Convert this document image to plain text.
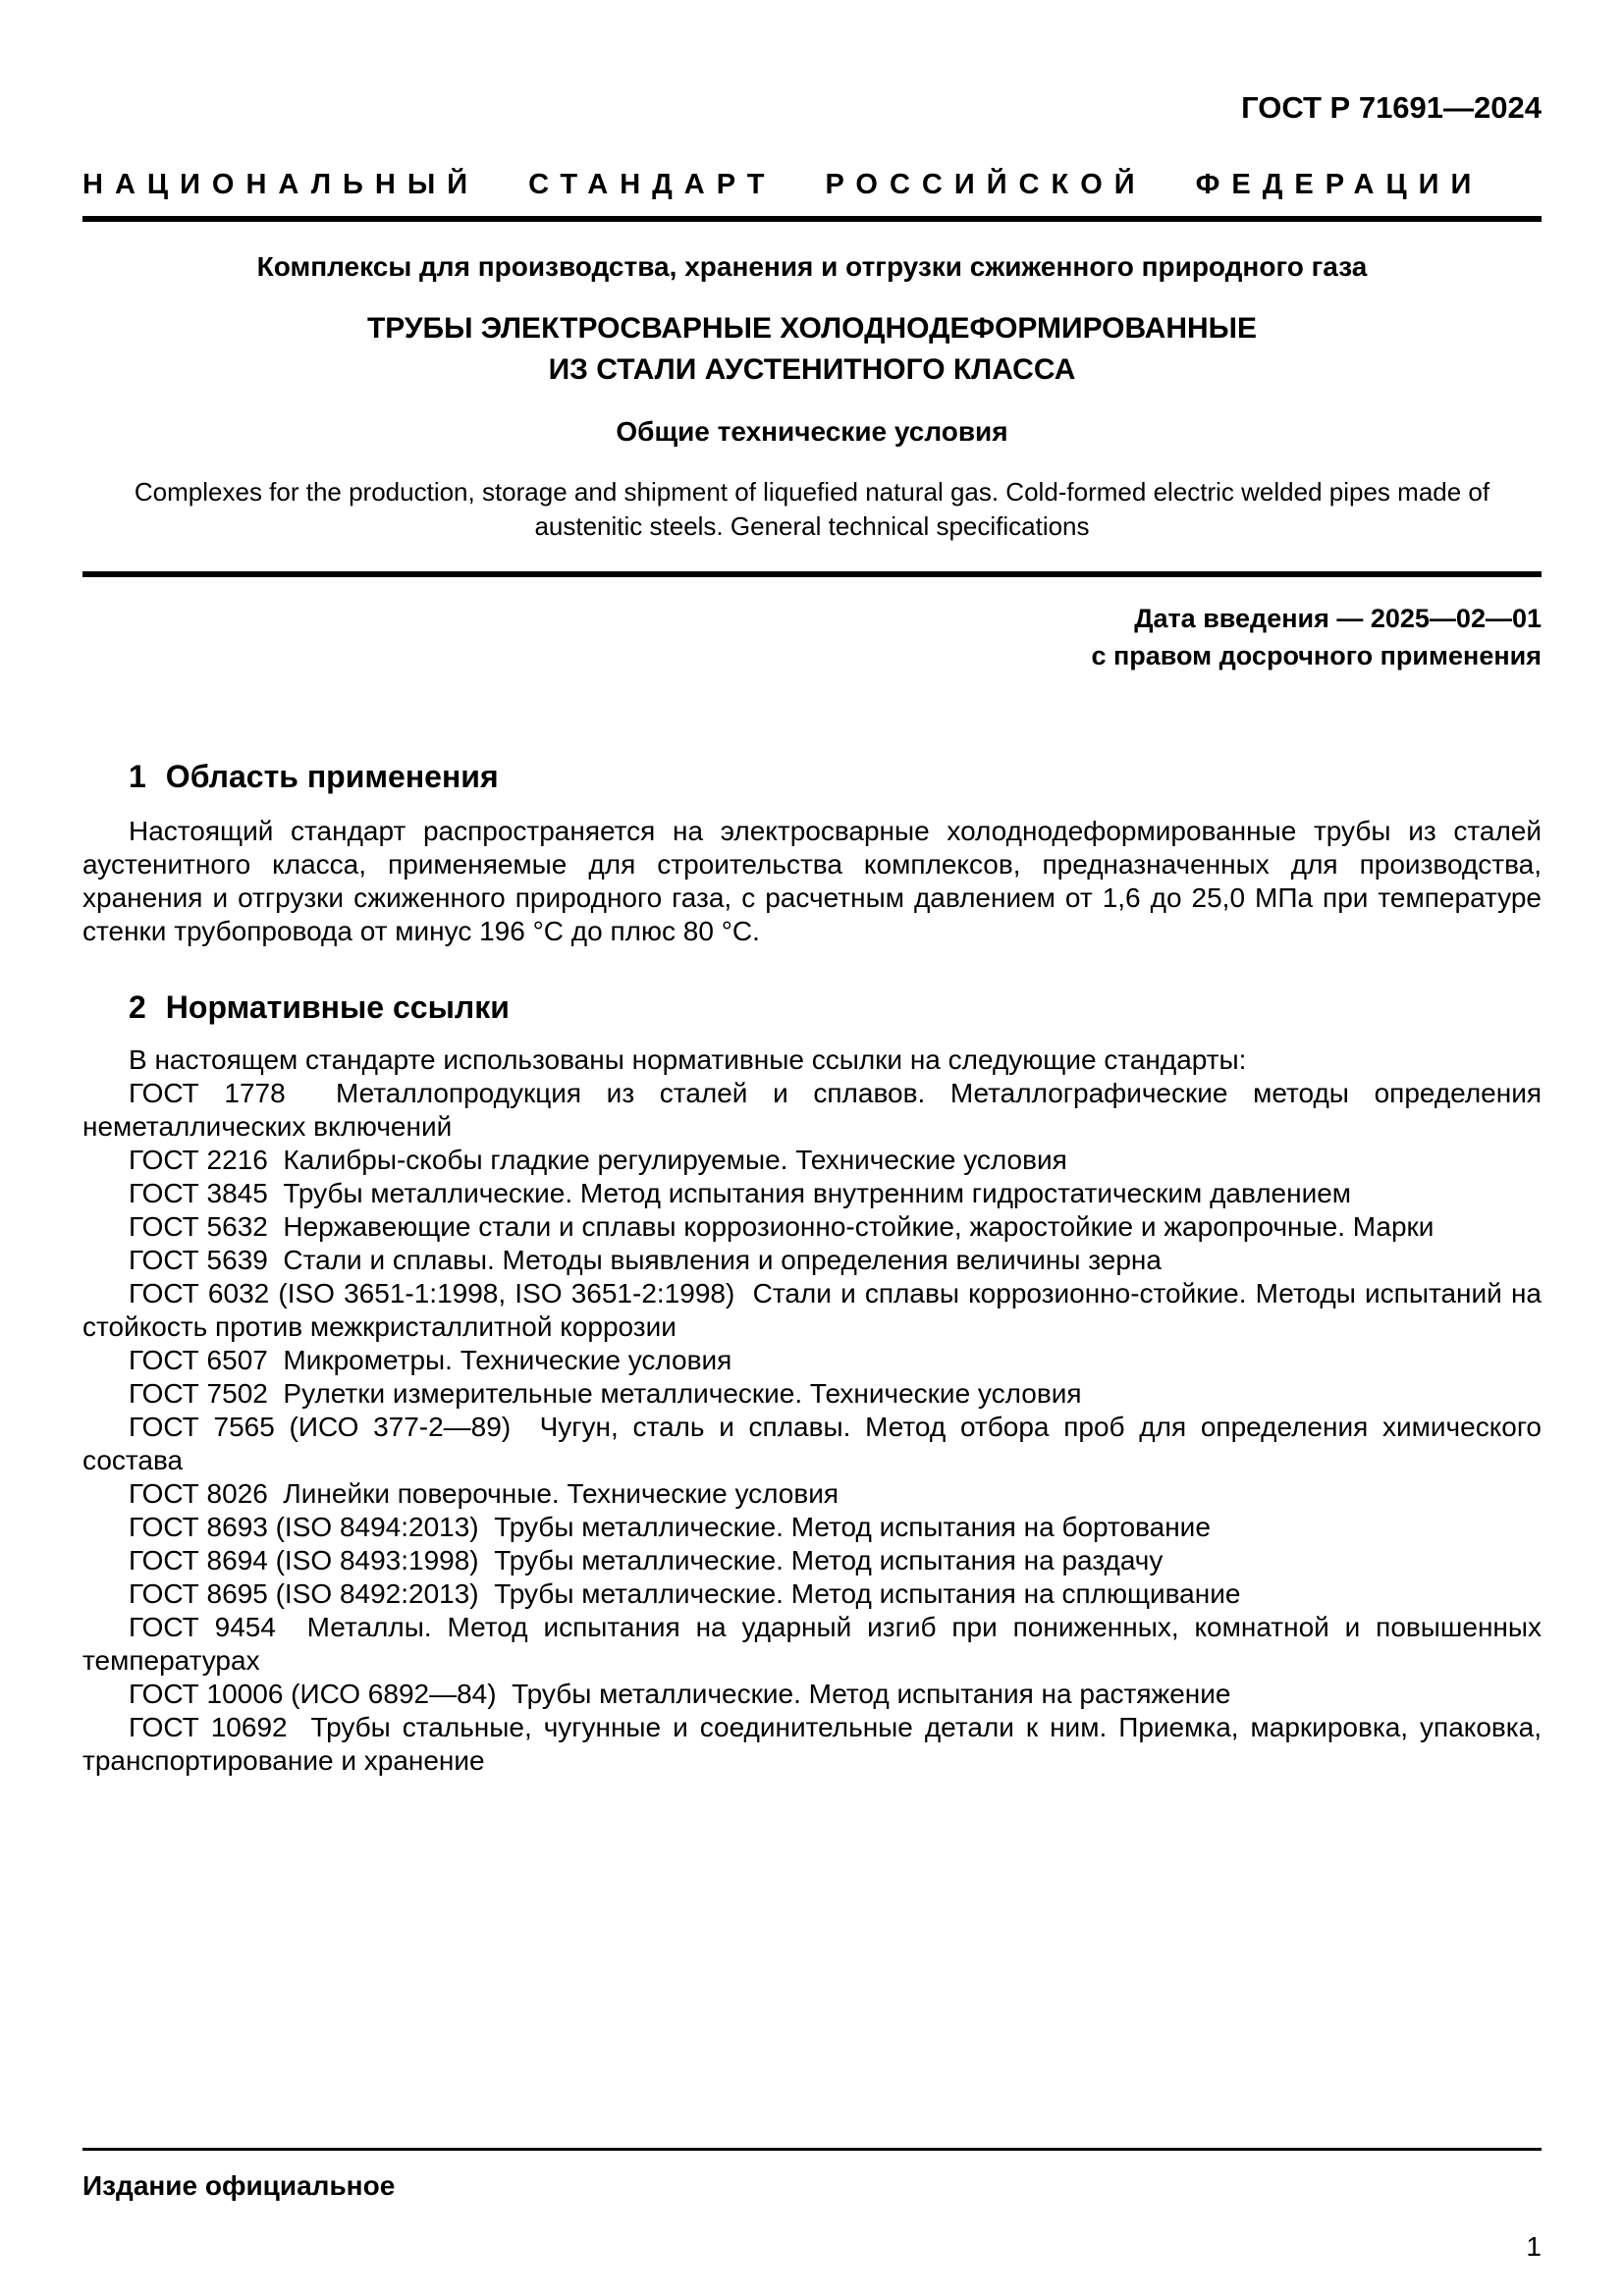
ГОСТ Р 71691—2024
НАЦИОНАЛЬНЫЙ СТАНДАРТ РОССИЙСКОЙ ФЕДЕРАЦИИ
Комплексы для производства, хранения и отгрузки сжиженного природного газа
ТРУБЫ ЭЛЕКТРОСВАРНЫЕ ХОЛОДНОДЕФОРМИРОВАННЫЕ
ИЗ СТАЛИ АУСТЕНИТНОГО КЛАССА
Общие технические условия
Complexes for the production, storage and shipment of liquefied natural gas. Cold-formed electric welded pipes made of austenitic steels. General technical specifications
Дата введения — 2025—02—01
с правом досрочного применения
1 Область применения

Настоящий стандарт распространяется на электросварные холоднодеформированные трубы из сталей аустенитного класса, применяемые для строительства комплексов, предназначенных для производства, хранения и отгрузки сжиженного природного газа, с расчетным давлением от 1,6 до 25,0 МПа при температуре стенки трубопровода от минус 196 °С до плюс 80 °С.

2 Нормативные ссылки

В настоящем стандарте использованы нормативные ссылки на следующие стандарты:

ГОСТ 1778  Металлопродукция из сталей и сплавов. Металлографические методы определения неметаллических включений

ГОСТ 2216  Калибры-скобы гладкие регулируемые. Технические условия

ГОСТ 3845  Трубы металлические. Метод испытания внутренним гидростатическим давлением

ГОСТ 5632  Нержавеющие стали и сплавы коррозионно-стойкие, жаростойкие и жаропрочные. Марки

ГОСТ 5639  Стали и сплавы. Методы выявления и определения величины зерна

ГОСТ 6032 (ISO 3651-1:1998, ISO 3651-2:1998)  Стали и сплавы коррозионно-стойкие. Методы испытаний на стойкость против межкристаллитной коррозии

ГОСТ 6507  Микрометры. Технические условия

ГОСТ 7502  Рулетки измерительные металлические. Технические условия

ГОСТ 7565 (ИСО 377-2—89)  Чугун, сталь и сплавы. Метод отбора проб для определения химического состава

ГОСТ 8026  Линейки поверочные. Технические условия

ГОСТ 8693 (ISO 8494:2013)  Трубы металлические. Метод испытания на бортование

ГОСТ 8694 (ISO 8493:1998)  Трубы металлические. Метод испытания на раздачу

ГОСТ 8695 (ISO 8492:2013)  Трубы металлические. Метод испытания на сплющивание

ГОСТ 9454  Металлы. Метод испытания на ударный изгиб при пониженных, комнатной и повышенных температурах

ГОСТ 10006 (ИСО 6892—84)  Трубы металлические. Метод испытания на растяжение

ГОСТ 10692  Трубы стальные, чугунные и соединительные детали к ним. Приемка, маркировка, упаковка, транспортирование и хранение

Издание официальное
1
